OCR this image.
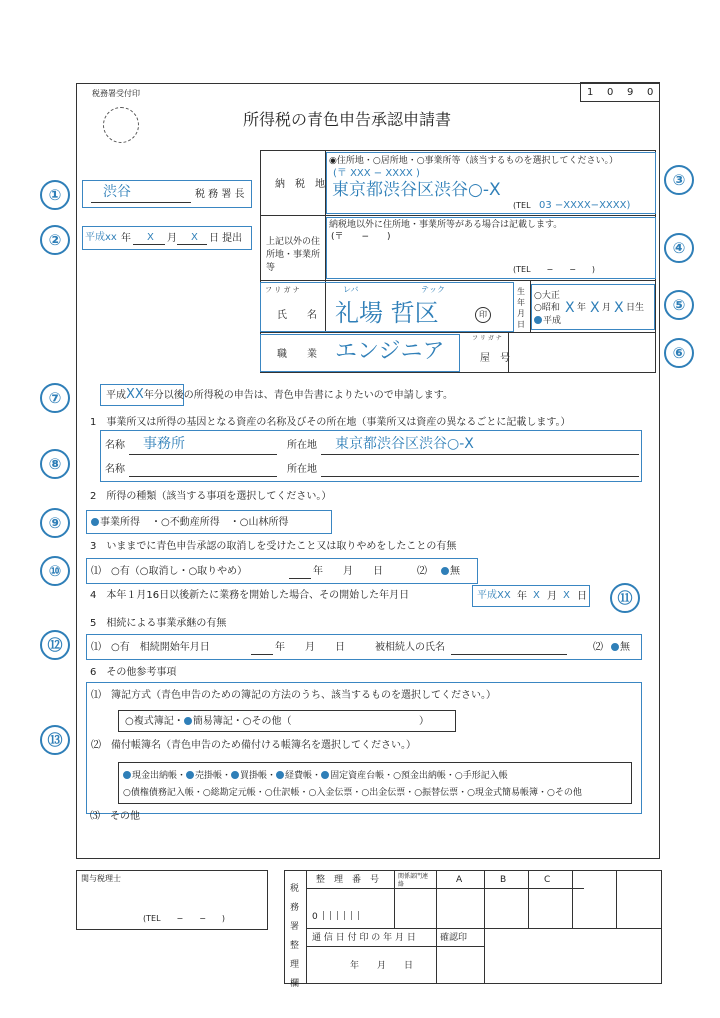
税務署受付印	1 0 9 0
所得税の青色申告承認申請書
渋谷	税 務 署 長
平成xx 年 X 月 X 日 提出
納　税　地
◉住所地・○居所地・○事業所等（該当するものを選択してください。）
(〒 XXX − XXXX )
東京都渋谷区渋谷○-X
(TEL 03 −XXXX−XXXX)
上記以外の住所地・事業所等
納税地以外に住所地・事業所等がある場合は記載します。
(〒　　−　　)
(TEL　　−　　−　　)
フ リ ガ ナ	レバ	テック
氏　　名 礼場 哲区	印
生年月日
○大正
○昭和
平成
X 年 X 月 X 日生
職　　業 エンジニア
フ リ ガ ナ
屋　号
平成XX年分以後の所得税の申告は、青色申告書によりたいので申請します。
1　事業所又は所得の基因となる資産の名称及びその所在地（事業所又は資産の異なるごとに記載します。）
名称 事務所	所在地 東京都渋谷区渋谷○-X
名称	所在地
2　所得の種類（該当する事項を選択してください。）
事業所得 ・○不動産所得　・○山林所得
3　いままでに青色申告承認の取消しを受けたこと又は取りやめをしたことの有無
⑴　○有（○取消し・○取りやめ）	年　　月　　日	⑵	無
4　本年１月16日以後新たに業務を開始した場合、その開始した年月日	平成XX 年 X 月 X 日
5　相続による事業承継の有無
⑴　○有　相続開始年月日	年　　月　　日	被相続人の氏名	⑵	無
6　その他参考事項
⑴　簿記方式（青色申告のための簿記の方法のうち、該当するものを選択してください。）
⑵　備付帳簿名（青色申告のため備付ける帳簿名を選択してください。）
○複式簿記・ 簡易簿記・○その他（	）
現金出納帳・ 売掛帳・ 買掛帳・ 経費帳・ 固定資産台帳・○預金出納帳・○手形記入帳
○債権債務記入帳・○総勘定元帳・○仕訳帳・○入金伝票・○出金伝票・○振替伝票・○現金式簡易帳簿・○その他
⑶　その他
①
②
③
④
⑤
⑥
⑦
⑧
⑨
⑩
⑪
⑫
⑬
関与税理士
(TEL　　−　　−　　)
税務署整理欄
整　理　番　号	関係部門連絡	A	B	C
0 ||||||
通 信 日 付 印 の 年 月 日	確認印
年　　月　　日
